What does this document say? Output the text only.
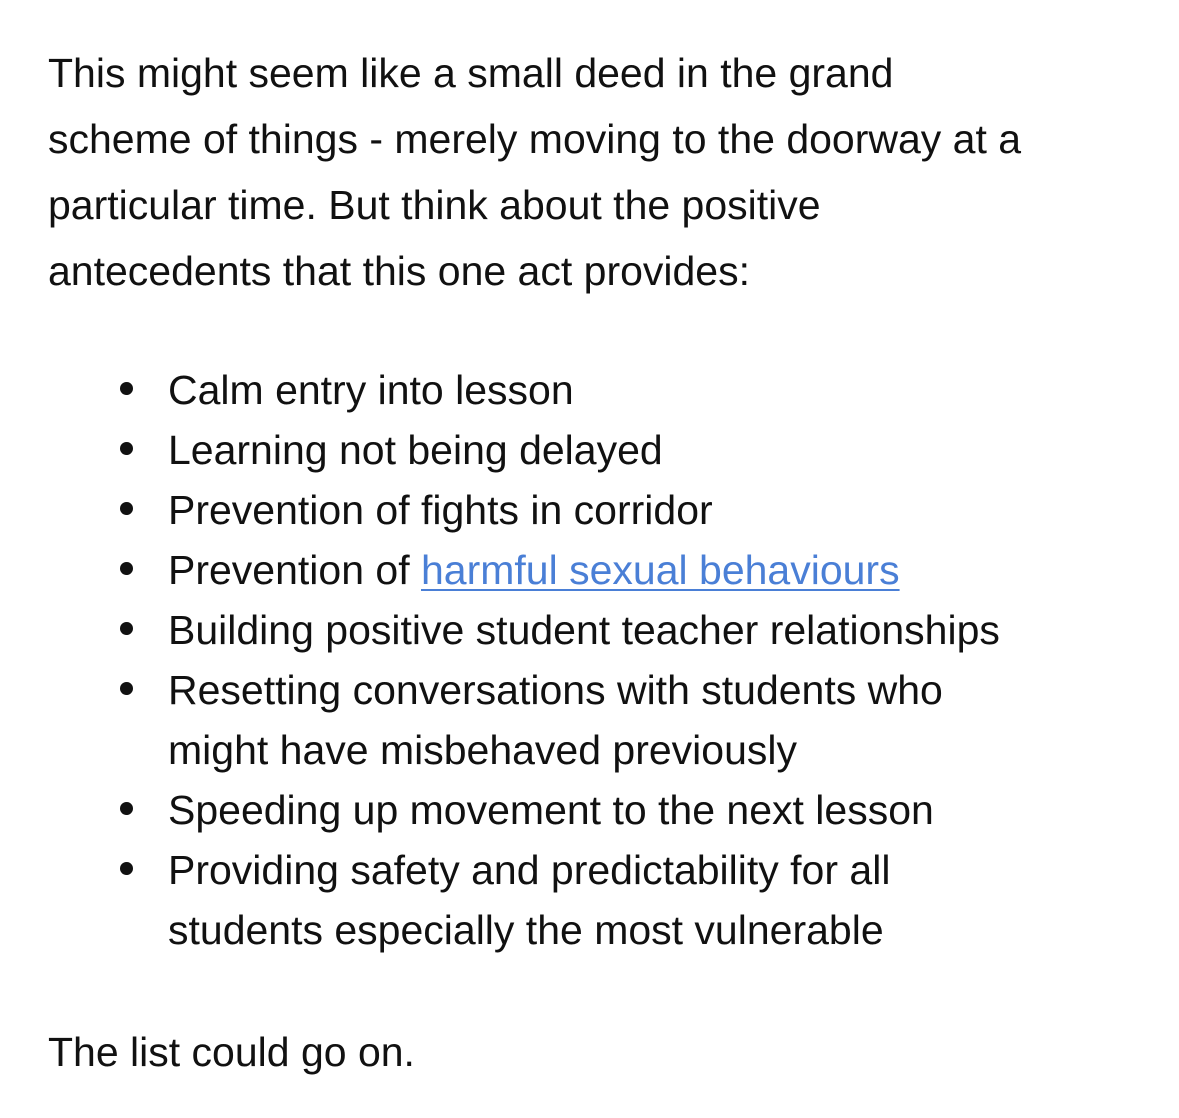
This might seem like a small deed in the grand
scheme of things - merely moving to the doorway at a
particular time. But think about the positive
antecedents that this one act provides:

Calm entry into lesson
Learning not being delayed
Prevention of fights in corridor
Prevention of harmful sexual behaviours
Building positive student teacher relationships
Resetting conversations with students who
might have misbehaved previously
Speeding up movement to the next lesson
Providing safety and predictability for all
students especially the most vulnerable

The list could go on.
